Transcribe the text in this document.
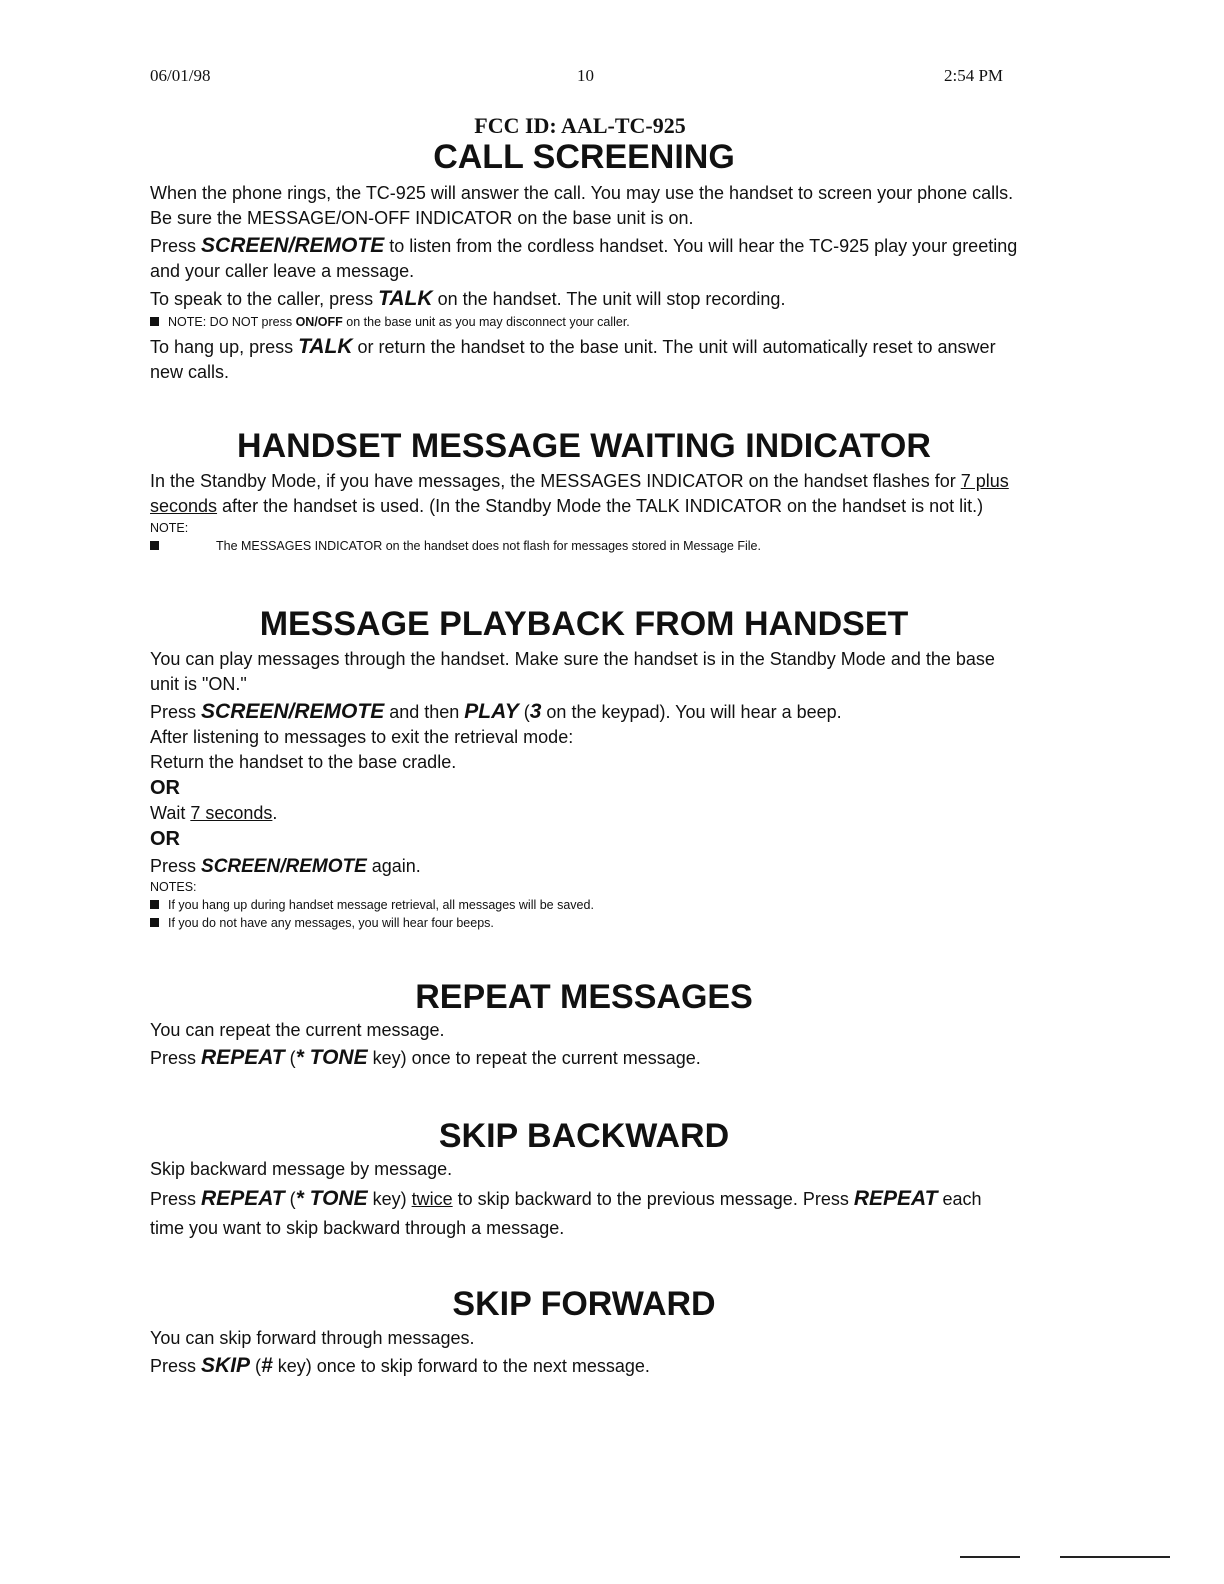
06/01/98	10	2:54 PM
FCC ID: AAL-TC-925
CALL SCREENING

When the phone rings, the TC-925 will answer the call. You may use the handset to screen your phone calls.

Be sure the MESSAGE/ON-OFF INDICATOR on the base unit is on.

Press SCREEN/REMOTE to listen from the cordless handset. You will hear the TC-925 play your greeting and your caller leave a message.

To speak to the caller, press TALK on the handset. The unit will stop recording.

NOTE: DO NOT press ON/OFF on the base unit as you may disconnect your caller.

To hang up, press TALK or return the handset to the base unit. The unit will automatically reset to answer new calls.

HANDSET MESSAGE WAITING INDICATOR

In the Standby Mode, if you have messages, the MESSAGES INDICATOR on the handset flashes for 7 plus seconds after the handset is used. (In the Standby Mode the TALK INDICATOR on the handset is not lit.)

NOTE:

The MESSAGES INDICATOR on the handset does not flash for messages stored in Message File.

MESSAGE PLAYBACK FROM HANDSET

You can play messages through the handset. Make sure the handset is in the Standby Mode and the base unit is "ON."

Press SCREEN/REMOTE and then PLAY (3 on the keypad). You will hear a beep.

After listening to messages to exit the retrieval mode:

Return the handset to the base cradle.

OR

Wait 7 seconds.

OR

Press SCREEN/REMOTE again.

NOTES:

If you hang up during handset message retrieval, all messages will be saved.

If you do not have any messages, you will hear four beeps.

REPEAT MESSAGES

You can repeat the current message.

Press REPEAT (* TONE key) once to repeat the current message.

SKIP BACKWARD

Skip backward message by message.

Press REPEAT (* TONE key) twice to skip backward to the previous message. Press REPEAT each time you want to skip backward through a message.

SKIP FORWARD

You can skip forward through messages.

Press SKIP (# key) once to skip forward to the next message.
